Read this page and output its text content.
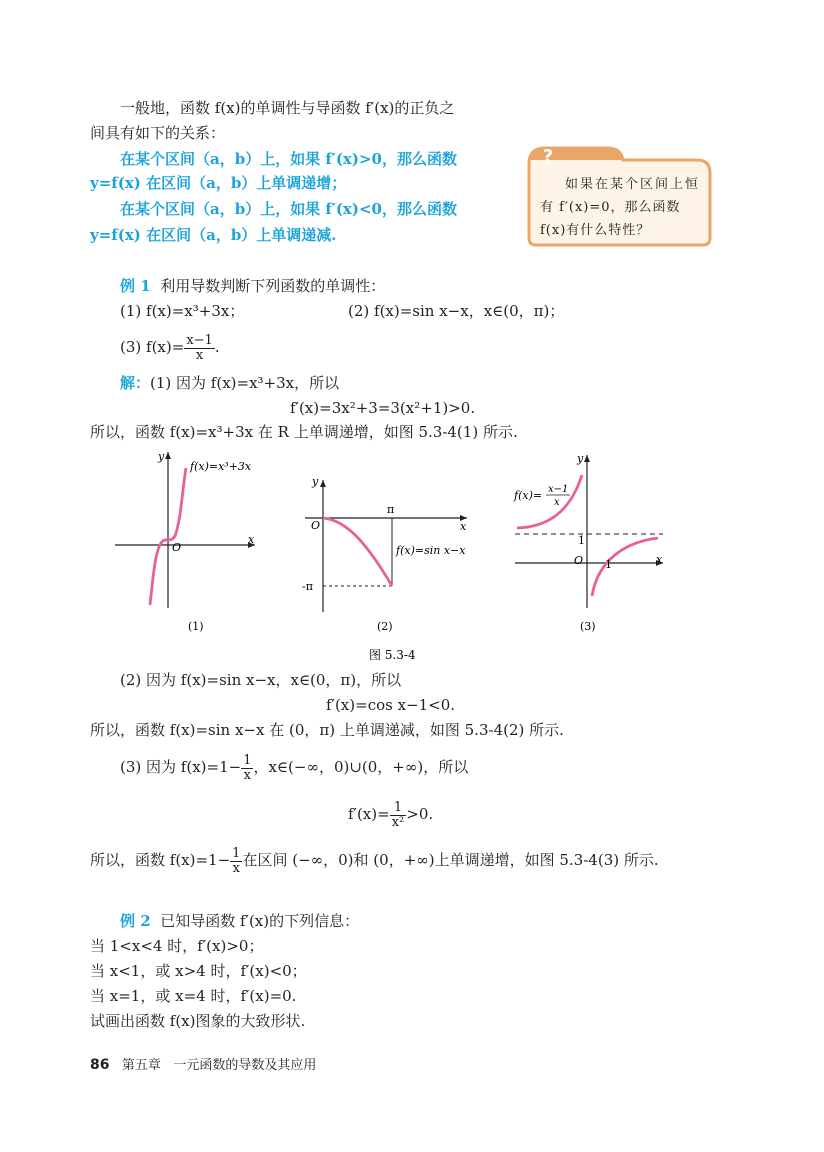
一般地，函数 f(x)的单调性与导函数 f′(x)的正负之
间具有如下的关系：
在某个区间（a，b）上，如果 f′(x)>0，那么函数
y=f(x) 在区间（a，b）上单调递增；
在某个区间（a，b）上，如果 f′(x)<0，那么函数
y=f(x) 在区间（a，b）上单调递减.
?
如果在某个区间上恒
有 f′(x)=0，那么函数
f(x)有什么特性？
例 1 利用导数判断下列函数的单调性：
(1) f(x)=x³+3x；	(2) f(x)=sin x−x，x∈(0，π)；
(3) $f(x)= \frac{x-1}{x}$ .
解：(1) 因为 f(x)=x³+3x，所以
f′(x)=3x²+3=3(x²+1)>0.
所以，函数 f(x)=x³+3x 在 R 上单调递增，如图 5.3-4(1) 所示.
y
x
O
f(x)=x³+3x
(1)
y
x
O
π
-π
f(x)=sin x−x
(2)
y
x
O
1
1
f(x)= x−1
x
(3)
图 5.3-4
(2) 因为 f(x)=sin x−x，x∈(0，π)，所以
f′(x)=cos x−1<0.
所以，函数 f(x)=sin x−x 在 (0，π) 上单调递减，如图 5.3-4(2) 所示.
(3) 因为 $f(x)=1- \frac{1}{x}$ ，x∈(−∞，0)∪(0，+∞)，所以
$f'(x)= \frac{1}{\text{x²}} >0$.
所以，函数 $f(x)=1- \frac{1}{x}$ 在区间 (−∞，0)和 (0，+∞)上单调递增，如图 5.3-4(3) 所示.
例 2 已知导函数 f′(x)的下列信息：
当 1<x<4 时，f′(x)>0；
当 x<1，或 x>4 时，f′(x)<0；
当 x=1，或 x=4 时，f′(x)=0.
试画出函数 f(x)图象的大致形状.
86 第五章 一元函数的导数及其应用
